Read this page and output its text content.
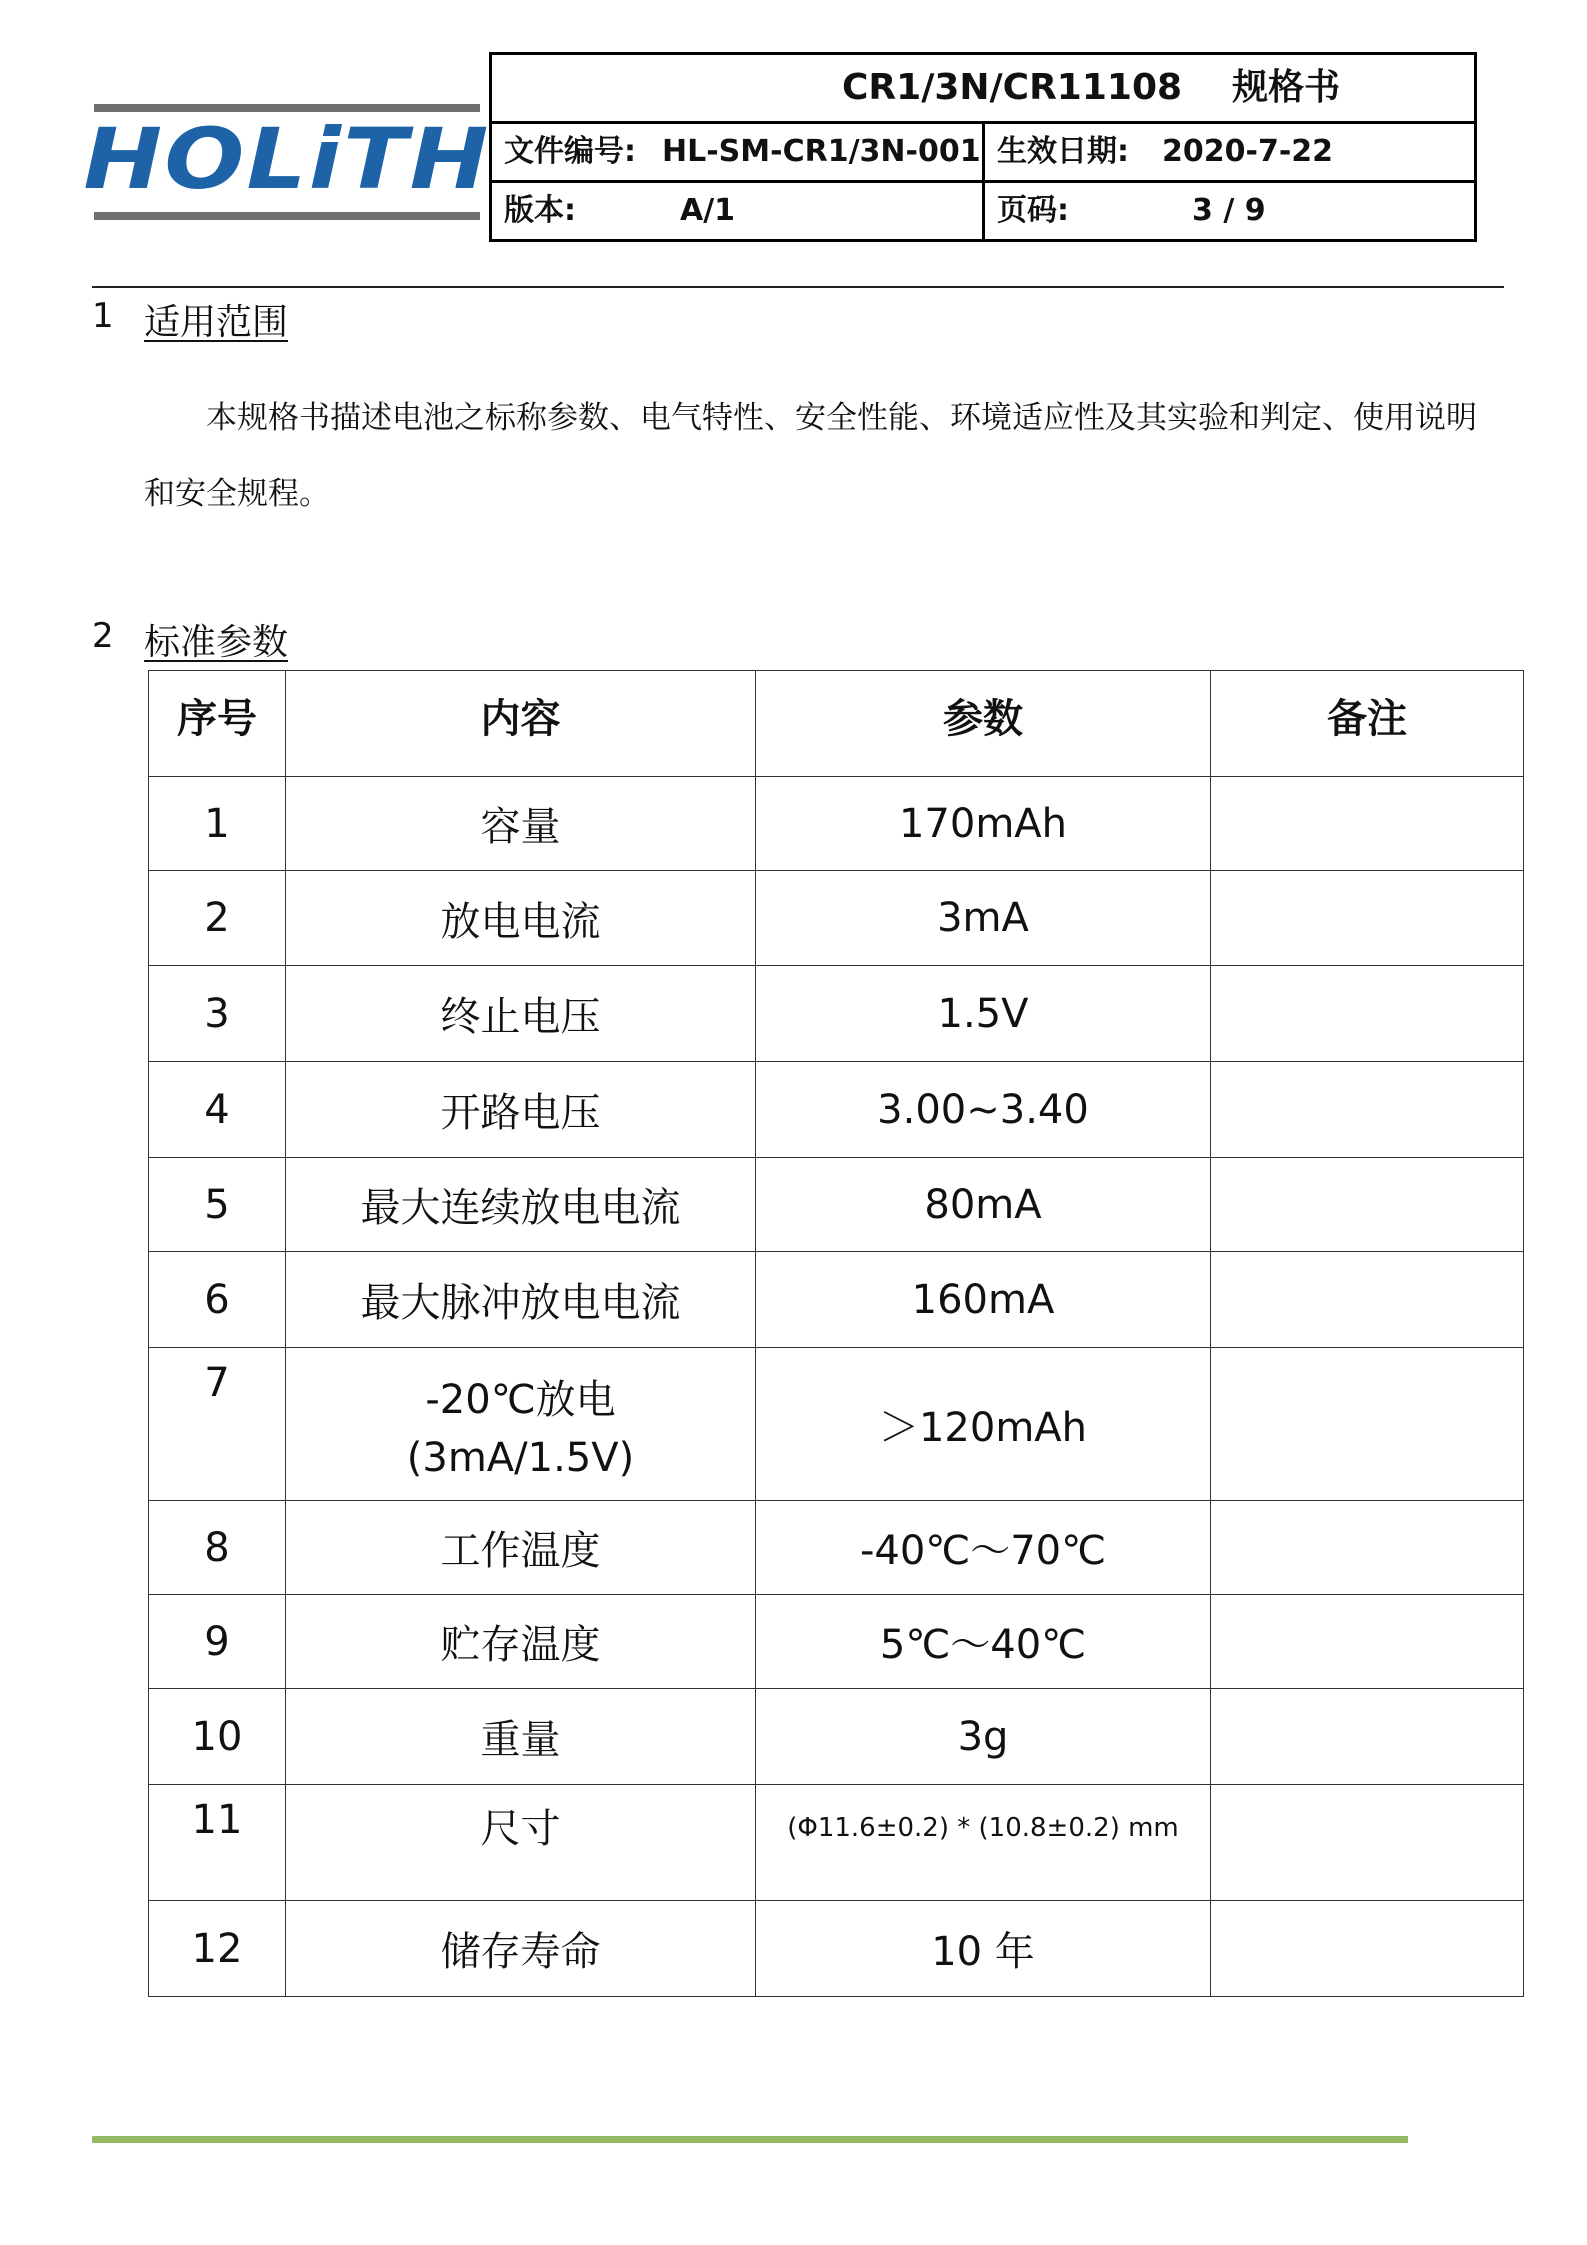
HOLiTH
CR1/3N/CR11108    规格书
文件编号: HL-SM-CR1/3N-001 生效日期: 2020-7-22
版本:	A/1	页码:	3 / 9
1 适用范围
本规格书描述电池之标称参数、电气特性、安全性能、环境适应性及其实验和判定、使用说明
和安全规程。
2 标准参数
序号	内容	参数	备注
1	容量	170mAh	
2	放电电流	3mA	
3	终止电压	1.5V	
4	开路电压	3.00~3.40	
5	最大连续放电电流	80mA	
6	最大脉冲放电电流	160mA	
7	-20℃放电
(3mA/1.5V)	＞120mAh	
8	工作温度	-40℃～70℃	
9	贮存温度	5℃～40℃	
10	重量	3g	
11	尺寸	(Φ11.6±0.2) * (10.8±0.2) mm	
12	储存寿命	10 年	
